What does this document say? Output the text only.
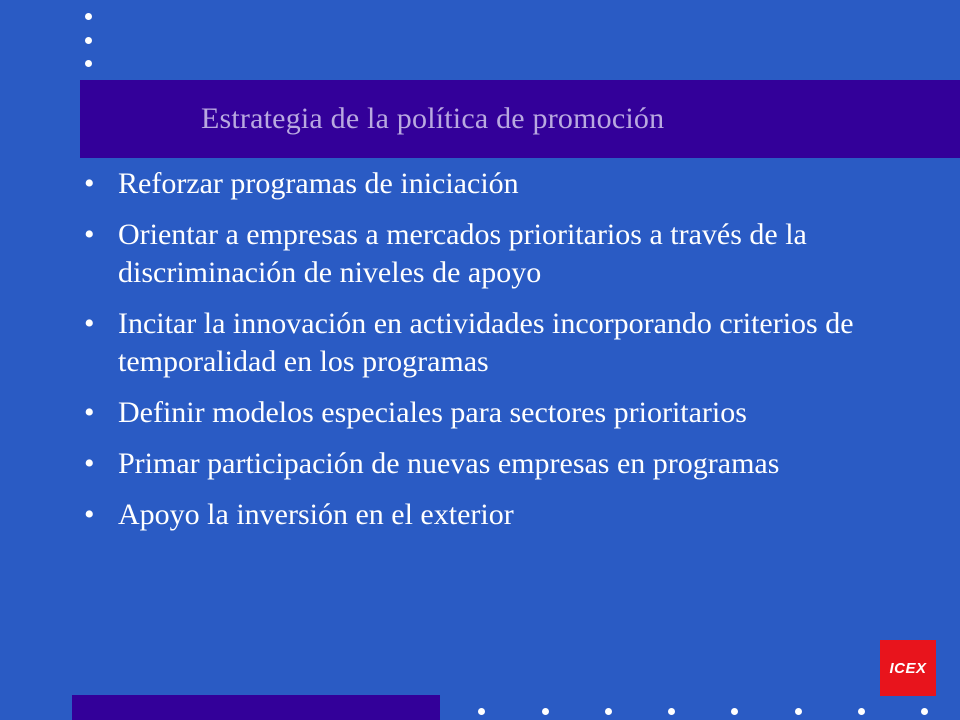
Estrategia de la política de promoción
• Reforzar programas de iniciación
• Orientar a empresas a mercados prioritarios a través de la discriminación de niveles de apoyo
• Incitar la innovación en actividades incorporando criterios de temporalidad en los programas
• Definir modelos especiales para sectores prioritarios
• Primar participación de nuevas empresas en programas
• Apoyo la inversión en el exterior
ICEX
